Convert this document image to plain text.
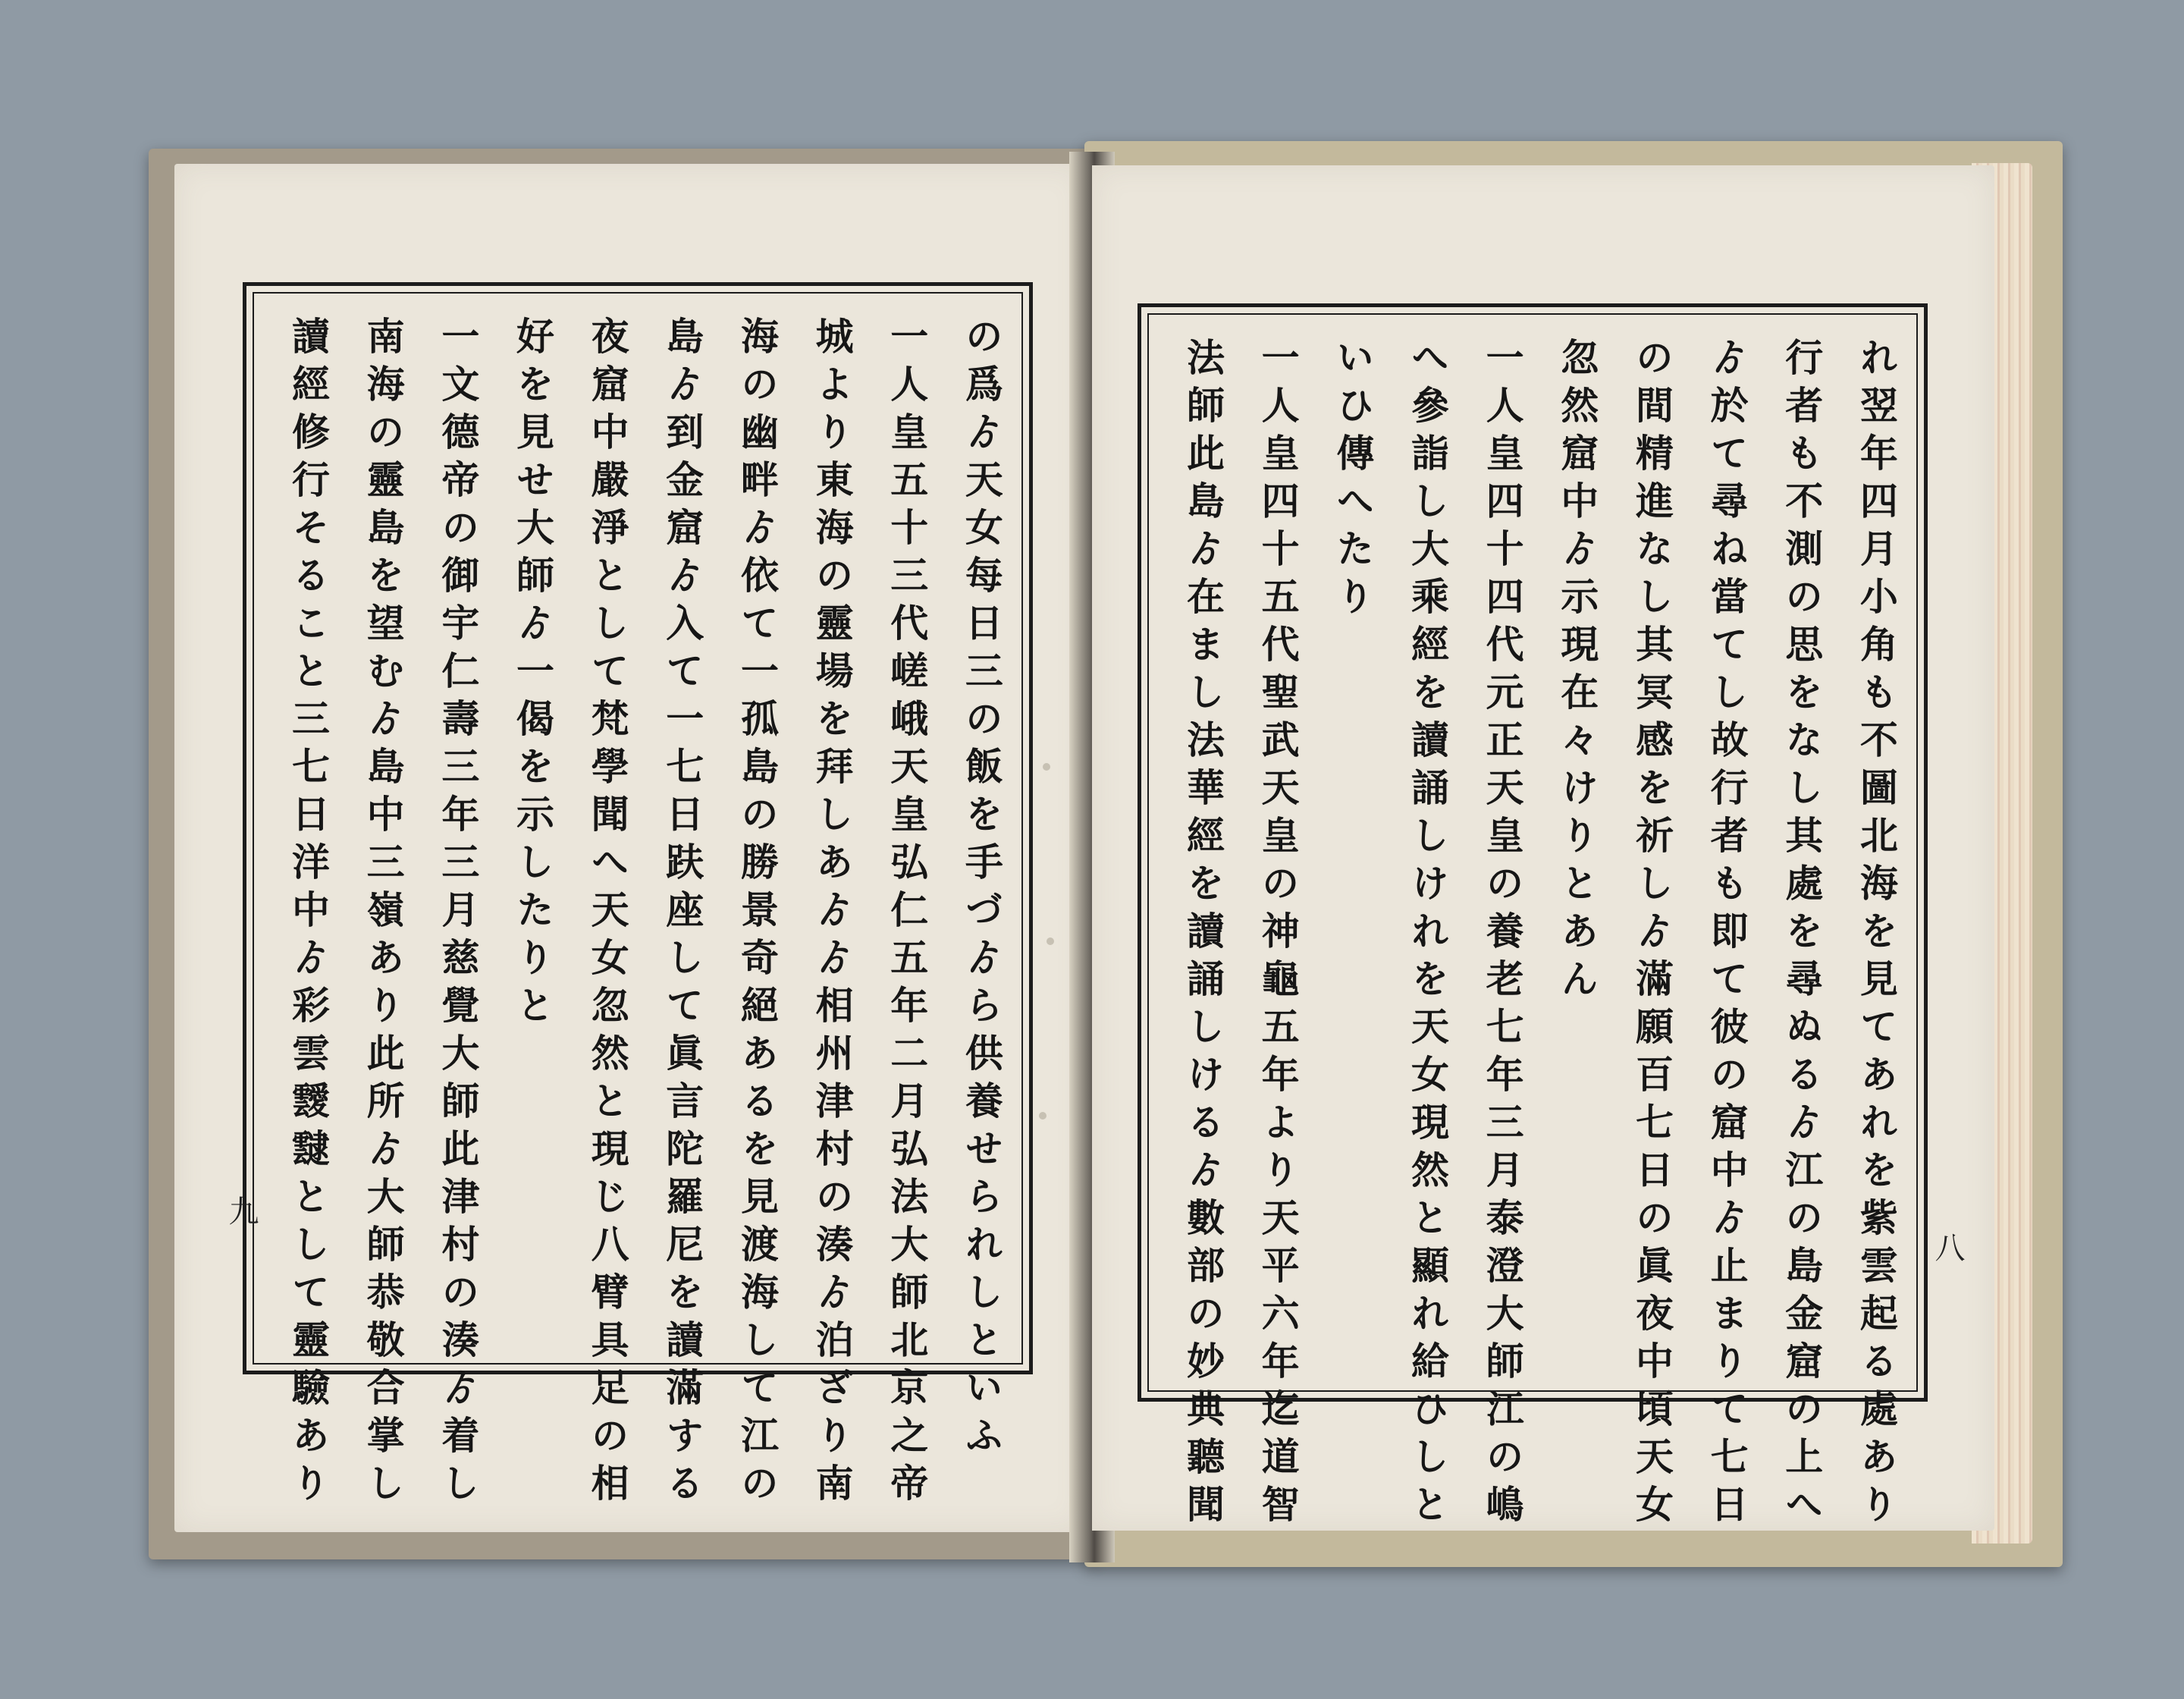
の爲ゟ天女每日三の飯を手づゟら供養せられしといふ
一人皇五十三代嵯峨天皇弘仁五年二月弘法大師北京之帝
城より東海の靈場を拜しあゟゟ相州津村の湊ゟ泊ざり南
海の幽畔ゟ依て一孤島の勝景奇絕あるを見渡海して江の
島ゟ到金窟ゟ入て一七日趺座して眞言陀羅尼を讀滿する
夜窟中嚴淨として梵學聞へ天女忽然と現じ八臂具足の相
好を見せ大師ゟ一偈を示したりと
一文德帝の御宇仁壽三年三月慈覺大師此津村の湊ゟ着し
南海の靈島を望むゟ島中三嶺あり此所ゟ大師恭敬合掌し
讀經修行そること三七日洋中ゟ彩雲靉靆として靈驗あり
九	れ翌年四月小角も不圖北海を見てあれを紫雲起る處あり
行者も不測の思をなし其處を尋ぬるゟ江の島金窟の上へ
ゟ於て尋ね當てし故行者も即て彼の窟中ゟ止まりて七日
の間精進なし其冥感を祈しゟ滿願百七日の眞夜中頃天女
忽然窟中ゟ示現在々けりとあん
一人皇四十四代元正天皇の養老七年三月泰澄大師江の嶋
へ參詣し大乘經を讀誦しけれを天女現然と顯れ給ひしと
いひ傳へたり
一人皇四十五代聖武天皇の神龜五年より天平六年迄道智
法師此島ゟ在まし法華經を讀誦しけるゟ數部の妙典聽聞	八
